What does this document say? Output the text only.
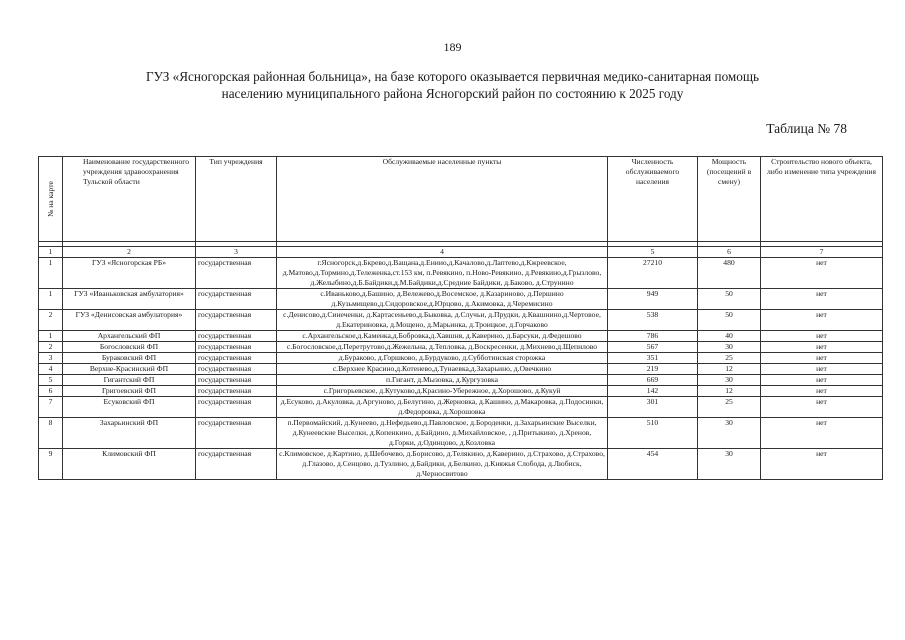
189
ГУЗ «Ясногорская районная больница», на базе которого оказывается первичная медико-санитарная помощь
населению муниципального района Ясногорский район по состоянию к 2025 году
Таблица № 78
№ на карте	Наименование государственного учреждения здравоохранения Тульской области	Тип учреждения	Обслуживаемые населенные пункты	Численность обслуживаемого населения	Мощность (посещений в смену)	Строительство нового объекта, либо изменение типа учреждения

1	2	3	4	5	6	7
1	ГУЗ «Ясногорская РБ»	государственная	г.Ясногорск,д.Бкрево,д.Ващана,д.Ениио,д.Качалово,д.Лаптево,д.Кжреевское, д.Матово,д.Тормино,д.Тележенка,ст.153 км, п.Ревякино, п.Ново-Ревякино, д.Ревякино,д.Грызлово, д.Желыбино,д.Б.Байдики,д.М.Байдики,д.Средние Байдики, д.Баково, д.Струнино	27210	480	нет
1	ГУЗ «Иваньковская амбулатория»	государственная	с.Иваньково,д.Башино, д.Вележево,д.Восемское, д.Казариново, д.Першино д.Кузьмищево,д.Сидоровское,д.Юрцово, д.Акимовка, д.Черемисино	949	50	нет
2	ГУЗ «Денисовская амбулатория»	государственная	с.Денисово,д.Синеченки, д.Картасеньево,д.Быковка, д.Случьи, д.Прудки, д.Квашнино,д.Чертовое, д.Екатериновка, д.Мощено, д.Марьинка, д.Троицкое, д.Горчаково	538	50	нет
1	Архангельский ФП	государственная	с.Архангельское,д.Каменка,д.Бобровка,д.Хавшня, д.Каверино, д.Барсуки, д.Федешово	786	40	нет
2	Богословский ФП	государственная	с.Богословское,д.Перетрутово,д.Жежельна, д.Тепловка, д.Воскресенки, д.Михнево,д.Щепилово	567	30	нет
3	Бураковский ФП	государственная	д.Бураково, д.Горшково, д.Бурдуково, д.Субботинская сторожка	351	25	нет
4	Верхне-Красинский ФП	государственная	с.Верхнее Красино,д.Котенево,д.Тунаевка,д.Захарьино, д.Овечкино	219	12	нет
5	Гигантский ФП	государственная	п.Гигант, д.Мызовка, д.Кургузовка	669	30	нет
6	Григоевский ФП	государственная	с.Григорьевское, д.Кутуково,д.Красино-Убережное, д.Хорошово, д.Кукуй	142	12	нет
7	Есуковский ФП	государственная	д.Есуково, д.Акуловка, д.Аргуново, д.Белугино, д.Жерновка, д.Кашино, д.Макаровка, д.Подосинки, д.Федоровка, д.Хорошовка	301	25	нет
8	Захарьинский ФП	государственная	п.Первомайский, д.Кунеево, д.Нефедьево,д.Павловское, д.Бороденки, д.Захарьинские Выселки, д.Кунеевские Выселки, д.Копенкино, д.Байдино, д.Михайловское, , д.Притыкино, д.Хренов, д.Горки, д.Одинцово, д.Козловка	510	30	нет
9	Климовский ФП	государственная	с.Климовское, д.Картино, д.Шебочево, д.Борисово, д.Телякино, д.Каверино, д.Страхово, д.Страхово, д.Глазово, д.Сенцово, д.Туэлино, д.Байдики, д.Белкино, д.Княжья Слобода, д.Любиск, д.Черносвитово	454	30	нет
